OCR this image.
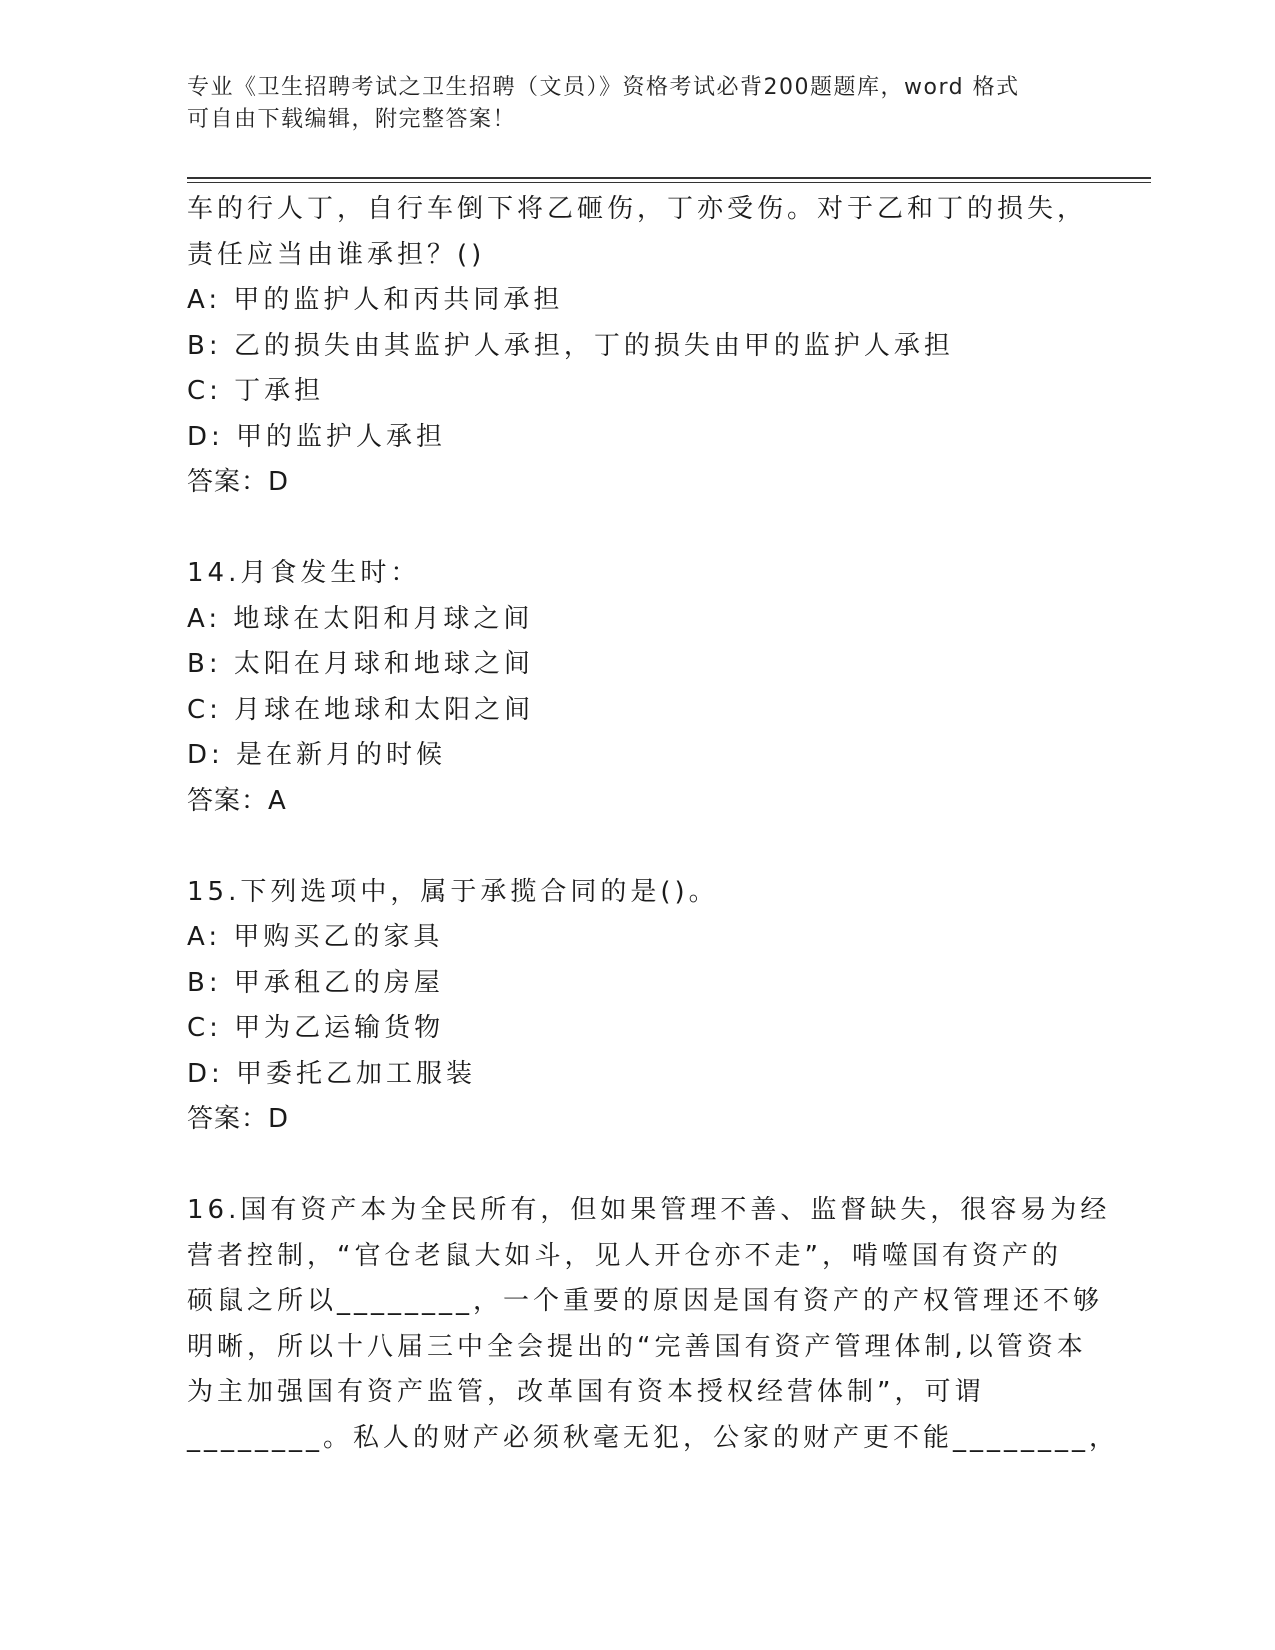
专业《卫生招聘考试之卫生招聘（文员）》资格考试必背200题题库，word 格式
可自由下载编辑，附完整答案！
车的行人丁，自行车倒下将乙砸伤，丁亦受伤。对于乙和丁的损失，
责任应当由谁承担？()
A: 甲的监护人和丙共同承担
B: 乙的损失由其监护人承担，丁的损失由甲的监护人承担
C: 丁承担
D: 甲的监护人承担
答案：D
14.月食发生时：
A: 地球在太阳和月球之间
B: 太阳在月球和地球之间
C: 月球在地球和太阳之间
D: 是在新月的时候
答案：A
15.下列选项中，属于承揽合同的是()。
A: 甲购买乙的家具
B: 甲承租乙的房屋
C: 甲为乙运输货物
D: 甲委托乙加工服装
答案：D
16.国有资产本为全民所有，但如果管理不善、监督缺失，很容易为经
营者控制，“官仓老鼠大如斗，见人开仓亦不走”，啃噬国有资产的
硕鼠之所以________，一个重要的原因是国有资产的产权管理还不够
明晰，所以十八届三中全会提出的“完善国有资产管理体制,以管资本
为主加强国有资产监管，改革国有资本授权经营体制”，可谓
________。私人的财产必须秋毫无犯，公家的财产更不能________，
